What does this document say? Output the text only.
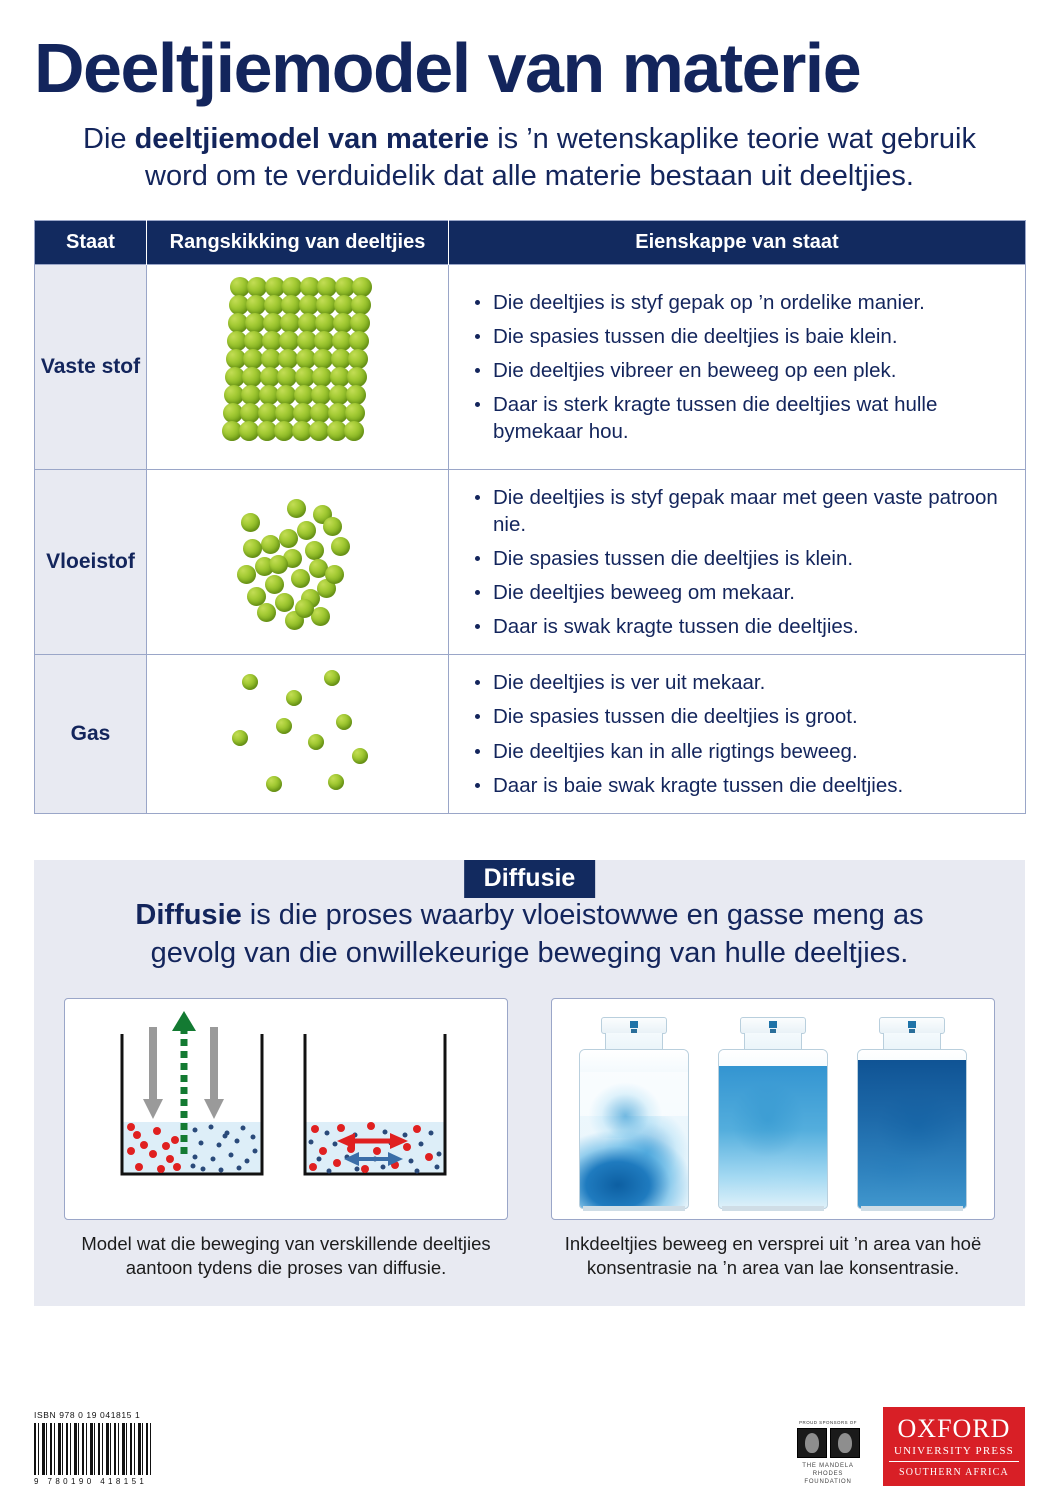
Deeltjiemodel van materie

Die deeltjiemodel van materie is ’n wetenskaplike teorie wat gebruik word om te verduidelik dat alle materie bestaan uit deeltjies.

Staat	Rangskikking van deeltjies	Eienskappe van staat
Vaste stof	

Die deeltjies is styf gepak op ’n ordelike manier.
Die spasies tussen die deeltjies is baie klein.
Die deeltjies vibreer en beweeg op een plek.
Daar is sterk kragte tussen die deeltjies wat hulle bymekaar hou.

Vloeistof	

Die deeltjies is styf gepak maar met geen vaste patroon nie.
Die spasies tussen die deeltjies is klein.
Die deeltjies beweeg om mekaar.
Daar is swak kragte tussen die deeltjies.

Gas	

Die deeltjies is ver uit mekaar.
Die spasies tussen die deeltjies is groot.
Die deeltjies kan in alle rigtings beweeg.
Daar is baie swak kragte tussen die deeltjies.
Diffusie

Diffusie is die proses waarby vloeistowwe en gasse meng as gevolg van die onwillekeurige beweging van hulle deeltjies.

Model wat die beweging van verskillende deeltjies aantoon tydens die proses van diffusie.
Inkdeeltjies beweeg en versprei uit ’n area van hoë konsentrasie na ’n area van lae konsentrasie.
ISBN 978 0 19 041815 1
9 780190 418151
PROUD SPONSORS OF
THE MANDELA RHODES FOUNDATION
OXFORD
UNIVERSITY PRESS
SOUTHERN AFRICA
